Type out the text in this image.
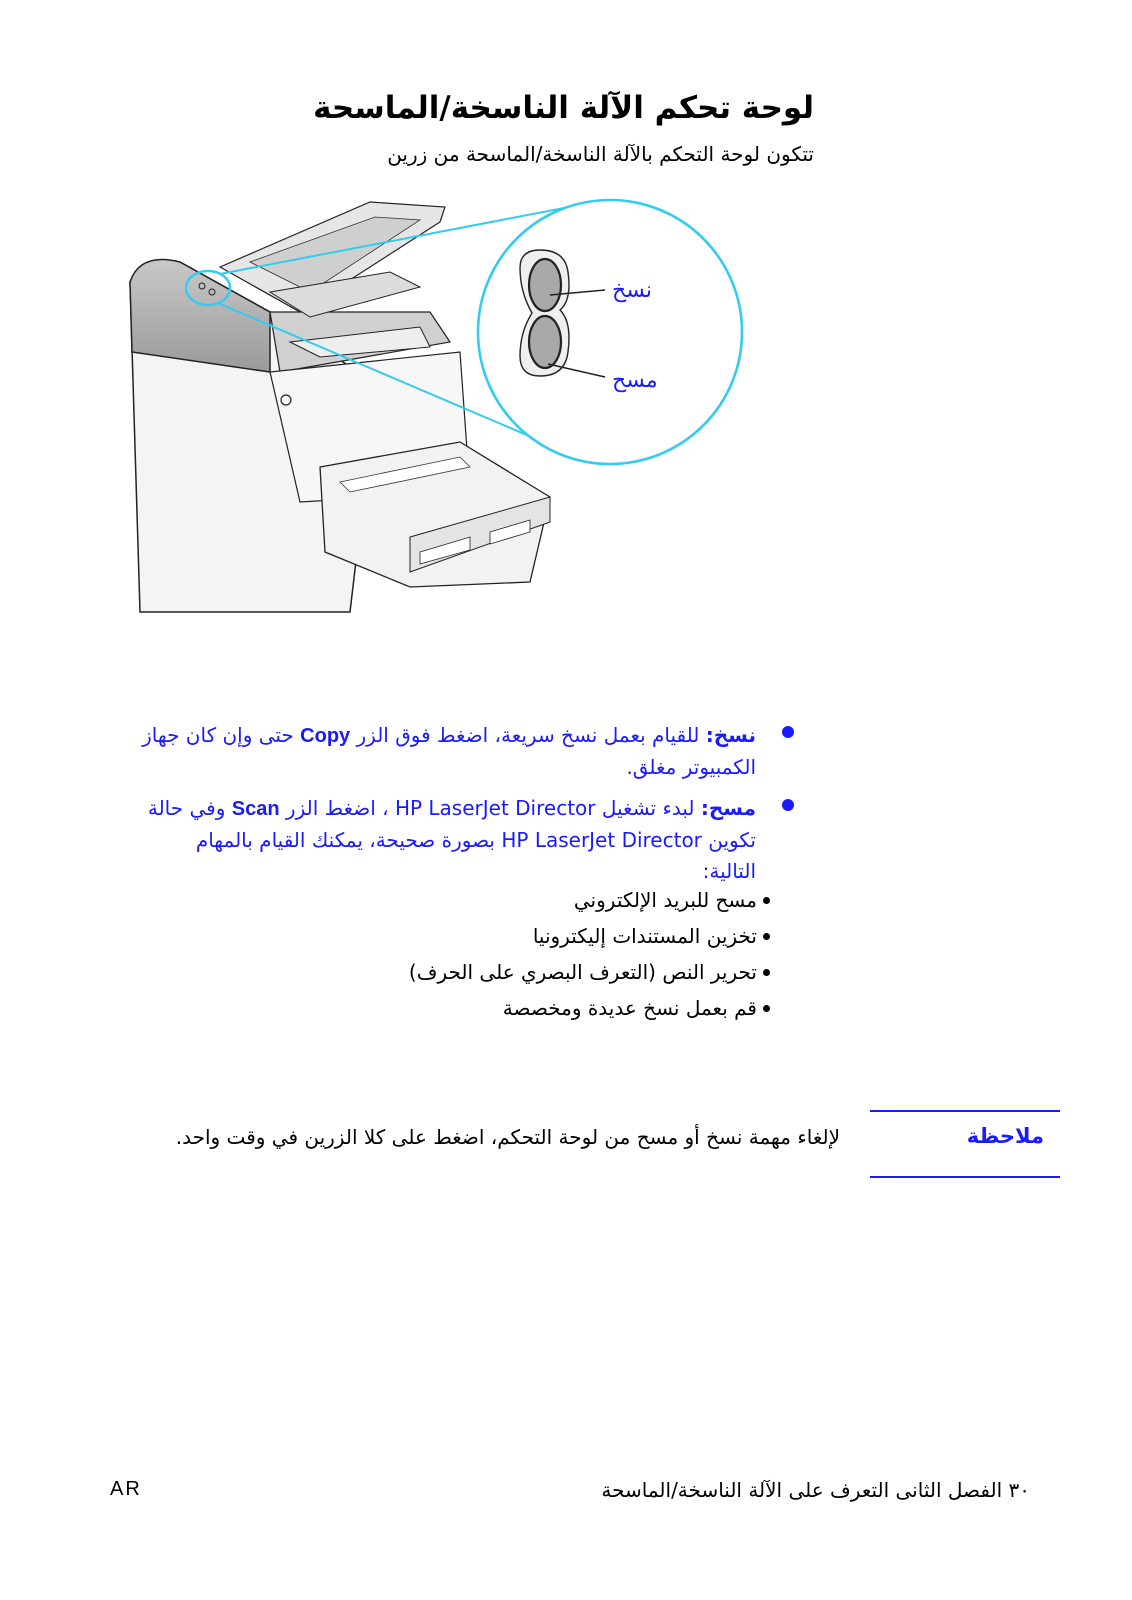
لوحة تحكم الآلة الناسخة/الماسحة

تتكون لوحة التحكم بالآلة الناسخة/الماسحة من زرين

نسخ
مسح

نسخ: للقيام بعمل نسخ سريعة، اضغط فوق الزر Copy حتى وإن كان جهاز الكمبيوتر مغلق.

مسح: لبدء تشغيل HP LaserJet Director ، اضغط الزر Scan وفي حالة تكوين HP LaserJet Director بصورة صحيحة، يمكنك القيام بالمهام التالية:

مسح للبريد الإلكتروني
تخزين المستندات إليكترونيا
تحرير النص (التعرف البصري على الحرف)
قم بعمل نسخ عديدة ومخصصة
ملاحظة

لإلغاء مهمة نسخ أو مسح من لوحة التحكم، اضغط على كلا الزرين في وقت واحد.

AR	٣٠ الفصل الثانى التعرف على الآلة الناسخة/الماسحة
